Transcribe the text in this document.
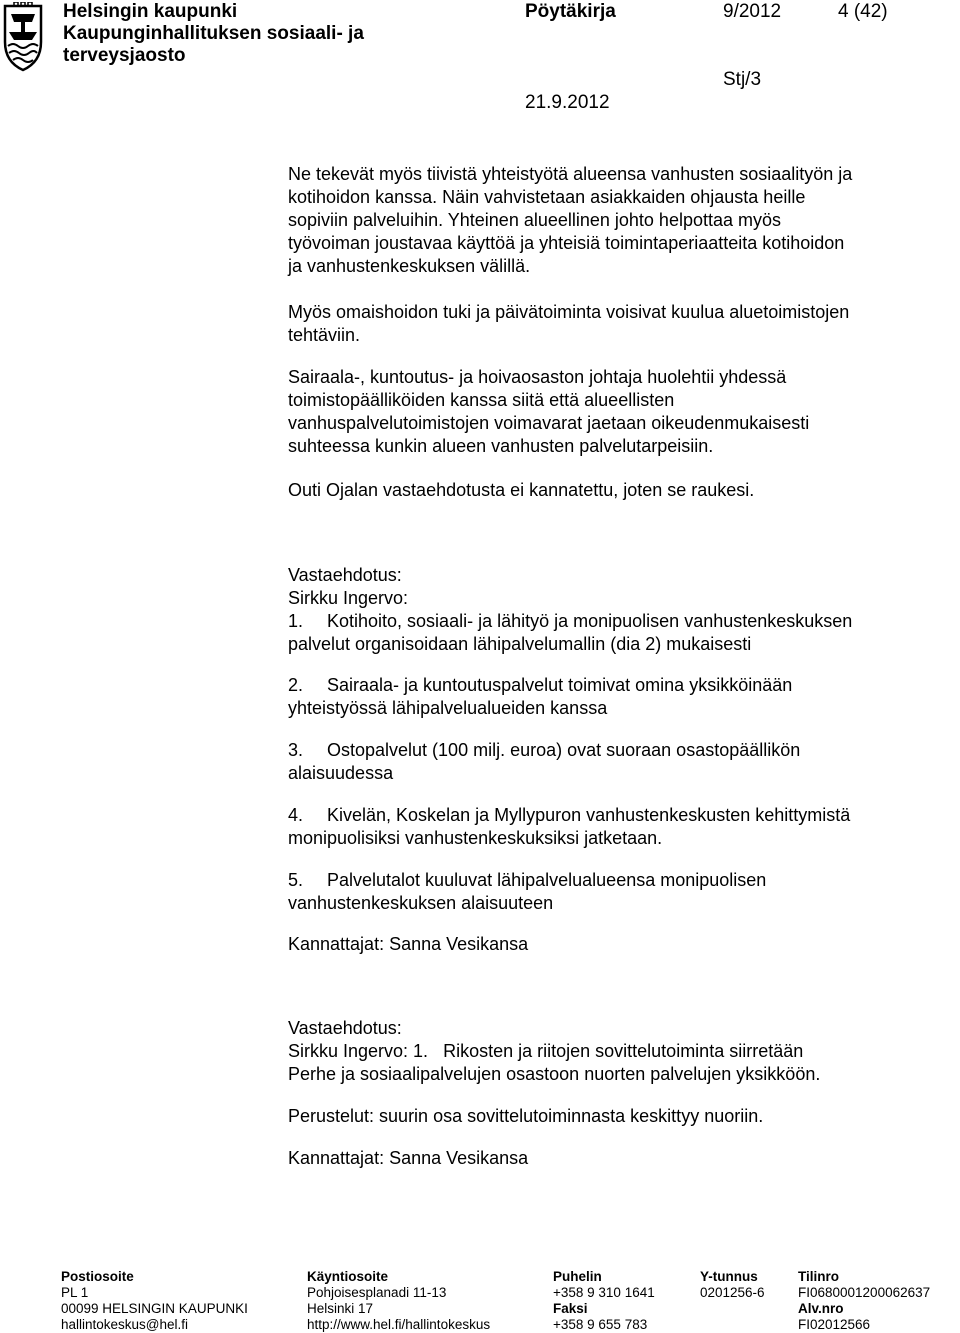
Helsingin kaupunki
Kaupunginhallituksen sosiaali- ja
terveysjaosto
Pöytäkirja	9/2012	4 (42)
Stj/3
21.9.2012

Ne tekevät myös tiivistä yhteistyötä alueensa vanhusten sosiaalityön ja
kotihoidon kanssa. Näin vahvistetaan asiakkaiden ohjausta heille
sopiviin palveluihin. Yhteinen alueellinen johto helpottaa myös
työvoiman joustavaa käyttöä ja yhteisiä toimintaperiaatteita kotihoidon
ja vanhustenkeskuksen välillä.

Myös omaishoidon tuki ja päivätoiminta voisivat kuulua aluetoimistojen
tehtäviin.

Sairaala-, kuntoutus- ja hoivaosaston johtaja huolehtii yhdessä
toimistopäälliköiden kanssa siitä että alueellisten
vanhuspalvelutoimistojen voimavarat jaetaan oikeudenmukaisesti
suhteessa kunkin alueen vanhusten palvelutarpeisiin.

Outi Ojalan vastaehdotusta ei kannatettu, joten se raukesi.

Vastaehdotus:
Sirkku Ingervo:

1. Kotihoito, sosiaali- ja lähityö ja monipuolisen vanhustenkeskuksen
palvelut organisoidaan lähipalvelumallin (dia 2) mukaisesti

2. Sairaala- ja kuntoutuspalvelut toimivat omina yksikköinään
yhteistyössä lähipalvelualueiden kanssa

3. Ostopalvelut (100 milj. euroa) ovat suoraan osastopäällikön
alaisuudessa

4. Kivelän, Koskelan ja Myllypuron vanhustenkeskusten kehittymistä
monipuolisiksi vanhustenkeskuksiksi jatketaan.

5. Palvelutalot kuuluvat lähipalvelualueensa monipuolisen
vanhustenkeskuksen alaisuuteen

Kannattajat: Sanna Vesikansa

Vastaehdotus:
Sirkku Ingervo: 1. Rikosten ja riitojen sovittelutoiminta siirretään
Perhe ja sosiaalipalvelujen osastoon nuorten palvelujen yksikköön.

Perustelut: suurin osa sovittelutoiminnasta keskittyy nuoriin.

Kannattajat: Sanna Vesikansa

Postiosoite
PL 1
00099 HELSINGIN KAUPUNKI
hallintokeskus@hel.fi
Käyntiosoite
Pohjoisesplanadi 11-13
Helsinki 17
http://www.hel.fi/hallintokeskus
Puhelin
+358 9 310 1641
Faksi
+358 9 655 783
Y-tunnus
0201256-6
Tilinro
FI0680001200062637
Alv.nro
FI02012566
